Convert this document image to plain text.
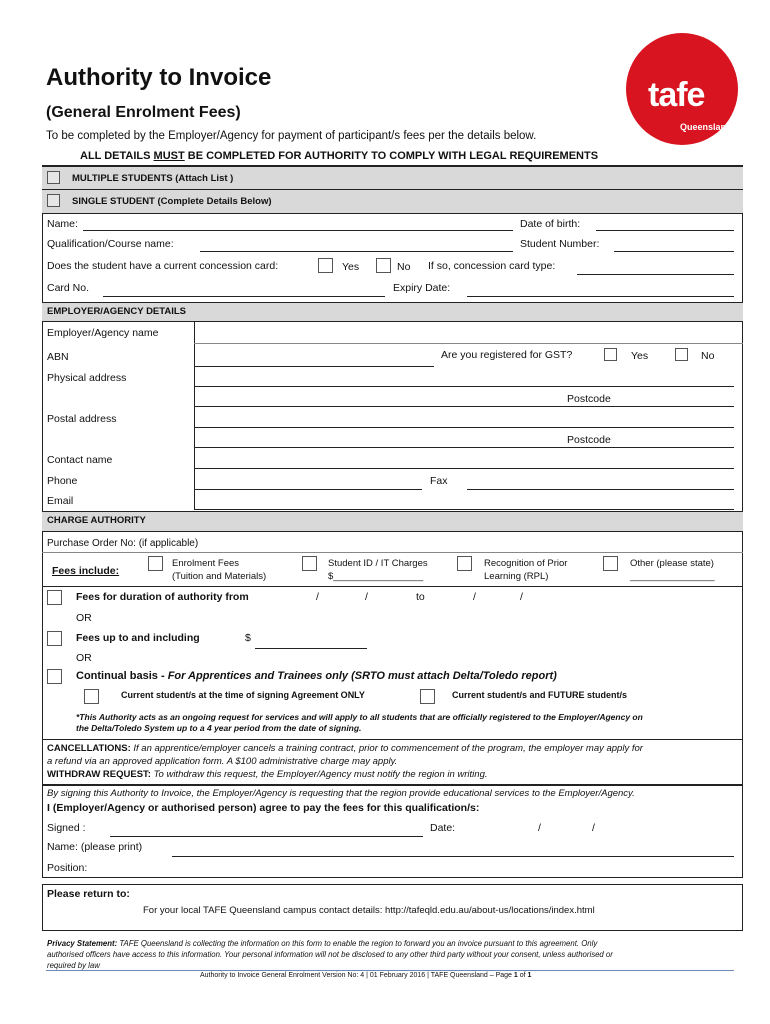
tafe
Queensland
Authority to Invoice
(General Enrolment Fees)
To be completed by the Employer/Agency for payment of participant/s fees per the details below.
ALL DETAILS MUST BE COMPLETED FOR AUTHORITY TO COMPLY WITH LEGAL REQUIREMENTS
MULTIPLE STUDENTS (Attach List )
SINGLE STUDENT (Complete Details Below)
Name:	Date of birth:
Qualification/Course name:	Student Number:
Does the student have a current concession card:	Yes	No If so, concession card type:
Card No.	Expiry Date:
EMPLOYER/AGENCY DETAILS
Employer/Agency name
ABN	Are you registered for GST?	Yes	No
Physical address
Postcode
Postal address
Postcode
Contact name
Phone	Fax
Email
CHARGE AUTHORITY
Purchase Order No: (if applicable)
Fees include:
Enrolment Fees
(Tuition and Materials)
Student ID / IT Charges
$_________________
Recognition of Prior
Learning (RPL)
Other (please state)
________________
Fees for duration of authority from	/	/	to	/	/
OR
Fees up to and including	$
OR
Continual basis - For Apprentices and Trainees only (SRTO must attach Delta/Toledo report)
Current student/s at the time of signing Agreement ONLY	Current student/s and FUTURE student/s
*This Authority acts as an ongoing request for services and will apply to all students that are officially registered to the Employer/Agency on
the Delta/Toledo System up to a 4 year period from the date of signing.
CANCELLATIONS: If an apprentice/employer cancels a training contract, prior to commencement of the program, the employer may apply for
a refund via an approved application form. A $100 administrative charge may apply.
WITHDRAW REQUEST: To withdraw this request, the Employer/Agency must notify the region in writing.
By signing this Authority to Invoice, the Employer/Agency is requesting that the region provide educational services to the Employer/Agency.
I (Employer/Agency or authorised person) agree to pay the fees for this qualification/s:
Signed :	Date:	/	/
Name: (please print)
Position:
Please return to:
For your local TAFE Queensland campus contact details: http://tafeqld.edu.au/about-us/locations/index.html
Privacy Statement: TAFE Queensland is collecting the information on this form to enable the region to forward you an invoice pursuant to this agreement. Only
authorised officers have access to this information. Your personal information will not be disclosed to any other third party without your consent, unless authorised or
required by law
Authority to Invoice General Enrolment Version No: 4 | 01 February 2016 | TAFE Queensland – Page 1 of 1
